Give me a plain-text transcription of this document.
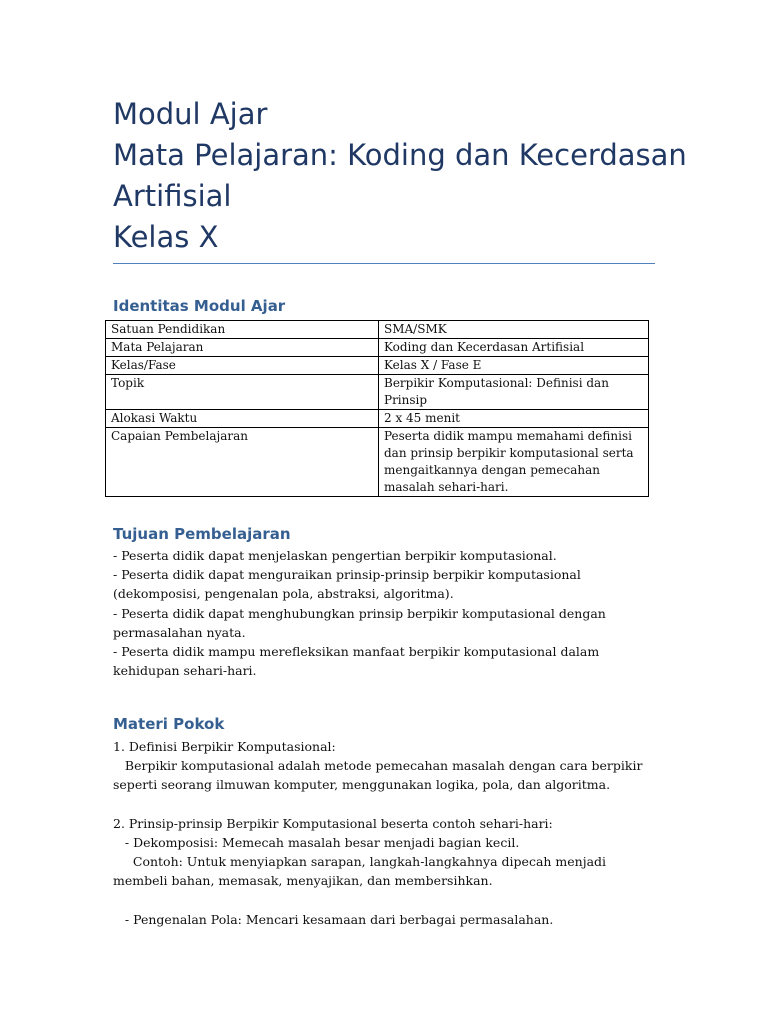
Modul Ajar
Mata Pelajaran: Koding dan Kecerdasan
Artifisial
Kelas X
Identitas Modul Ajar
Satuan Pendidikan	SMA/SMK
Mata Pelajaran	Koding dan Kecerdasan Artifisial
Kelas/Fase	Kelas X / Fase E
Topik	Berpikir Komputasional: Definisi dan Prinsip
Alokasi Waktu	2 x 45 menit
Capaian Pembelajaran	Peserta didik mampu memahami definisi dan prinsip berpikir komputasional serta mengaitkannya dengan pemecahan masalah sehari-hari.
Tujuan Pembelajaran
- Peserta didik dapat menjelaskan pengertian berpikir komputasional.
- Peserta didik dapat menguraikan prinsip-prinsip berpikir komputasional (dekomposisi, pengenalan pola, abstraksi, algoritma).
- Peserta didik dapat menghubungkan prinsip berpikir komputasional dengan permasalahan nyata.
- Peserta didik mampu merefleksikan manfaat berpikir komputasional dalam kehidupan sehari-hari.
Materi Pokok
1. Definisi Berpikir Komputasional:
Berpikir komputasional adalah metode pemecahan masalah dengan cara berpikir seperti seorang ilmuwan komputer, menggunakan logika, pola, dan algoritma.
2. Prinsip-prinsip Berpikir Komputasional beserta contoh sehari-hari:
- Dekomposisi: Memecah masalah besar menjadi bagian kecil.
Contoh: Untuk menyiapkan sarapan, langkah-langkahnya dipecah menjadi membeli bahan, memasak, menyajikan, dan membersihkan.
- Pengenalan Pola: Mencari kesamaan dari berbagai permasalahan.
